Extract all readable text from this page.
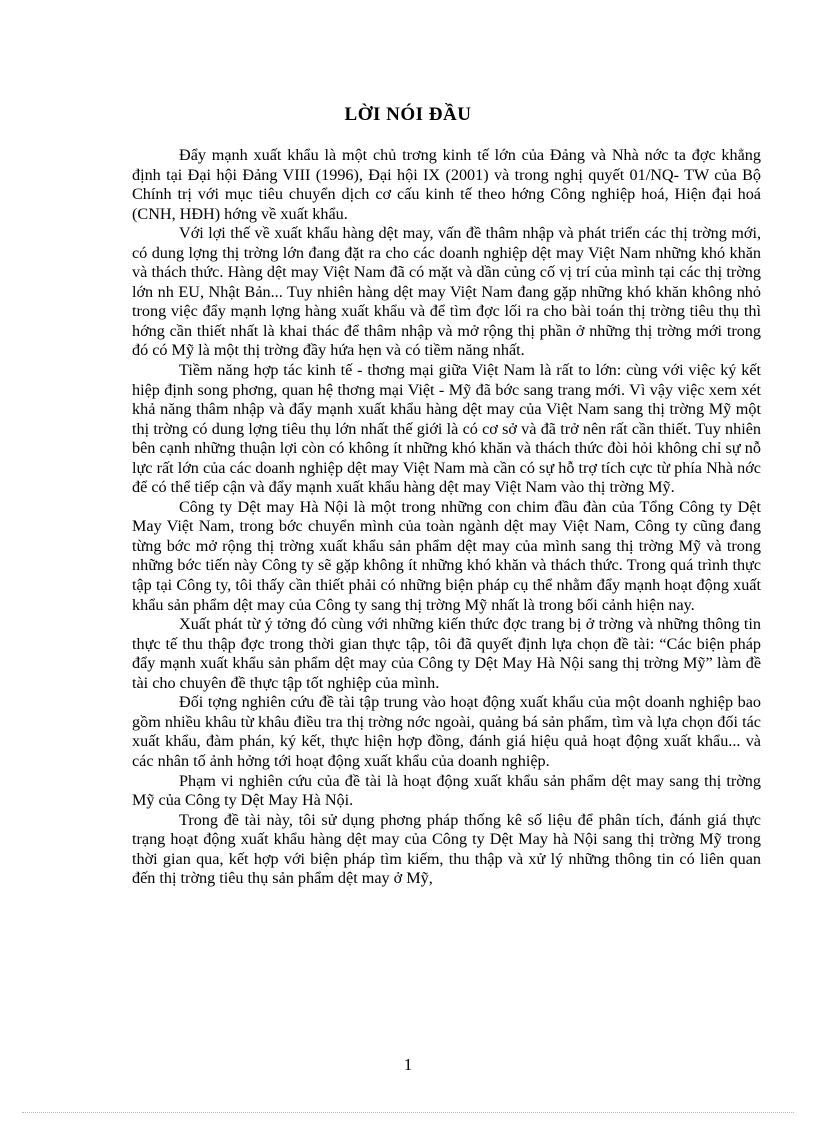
LỜI NÓI ĐẦU

Đẩy mạnh xuất khẩu là một chủ trơng kinh tế lớn của Đảng và Nhà nớc ta đợc khẳng định tại Đại hội Đảng VIII (1996), Đại hội IX (2001) và trong nghị quyết 01/NQ- TW của Bộ Chính trị với mục tiêu chuyển dịch cơ cấu kinh tế theo hớng Công nghiệp hoá, Hiện đại hoá (CNH, HĐH) hớng về xuất khẩu.

Với lợi thế về xuất khẩu hàng dệt may, vấn đề thâm nhập và phát triển các thị trờng mới, có dung lợng thị trờng lớn đang đặt ra cho các doanh nghiệp dệt may Việt Nam những khó khăn và thách thức. Hàng dệt may Việt Nam đã có mặt và dần củng cố vị trí của mình tại các thị trờng lớn nh EU, Nhật Bản... Tuy nhiên hàng dệt may Việt Nam đang gặp những khó khăn không nhỏ trong việc đẩy mạnh lợng hàng xuất khẩu và để tìm đợc lối ra cho bài toán thị trờng tiêu thụ thì hớng cần thiết nhất là khai thác để thâm nhập và mở rộng thị phần ở những thị trờng mới trong đó có Mỹ là một thị trờng đầy hứa hẹn và có tiềm năng nhất.

Tiềm năng hợp tác kinh tế - thơng mại giữa Việt Nam là rất to lớn: cùng với việc ký kết hiệp định song phơng, quan hệ thơng mại Việt - Mỹ đã bớc sang trang mới. Vì vậy việc xem xét khả năng thâm nhập và đẩy mạnh xuất khẩu hàng dệt may của Việt Nam sang thị trờng Mỹ một thị trờng có dung lợng tiêu thụ lớn nhất thế giới là có cơ sở và đã trở nên rất cần thiết. Tuy nhiên bên cạnh những thuận lợi còn có không ít những khó khăn và thách thức đòi hỏi không chỉ sự nỗ lực rất lớn của các doanh nghiệp dệt may Việt Nam mà cần có sự hỗ trợ tích cực từ phía Nhà nớc để có thể tiếp cận và đẩy mạnh xuất khẩu hàng dệt may Việt Nam vào thị trờng Mỹ.

Công ty Dệt may Hà Nội là một trong những con chim đầu đàn của Tổng Công ty Dệt May Việt Nam, trong bớc chuyển mình của toàn ngành dệt may Việt Nam, Công ty cũng đang từng bớc mở rộng thị trờng xuất khẩu sản phẩm dệt may của mình sang thị trờng Mỹ và trong những bớc tiến này Công ty sẽ gặp không ít những khó khăn và thách thức. Trong quá trình thực tập tại Công ty, tôi thấy cần thiết phải có những biện pháp cụ thể nhằm đẩy mạnh hoạt động xuất khẩu sản phẩm dệt may của Công ty sang thị trờng Mỹ nhất là trong bối cảnh hiện nay.

Xuất phát từ ý tởng đó cùng với những kiến thức đợc trang bị ở trờng và những thông tin thực tế thu thập đợc trong thời gian thực tập, tôi đã quyết định lựa chọn đề tài: “Các biện pháp đẩy mạnh xuất khẩu sản phẩm dệt may của Công ty Dệt May Hà Nội sang thị trờng Mỹ” làm đề tài cho chuyên đề thực tập tốt nghiệp của mình.

Đối tợng nghiên cứu đề tài tập trung vào hoạt động xuất khẩu của một doanh nghiệp bao gồm nhiều khâu từ khâu điều tra thị trờng nớc ngoài, quảng bá sản phẩm, tìm và lựa chọn đối tác xuất khẩu, đàm phán, ký kết, thực hiện hợp đồng, đánh giá hiệu quả hoạt động xuất khẩu... và các nhân tố ảnh hởng tới hoạt động xuất khẩu của doanh nghiệp.

Phạm vi nghiên cứu của đề tài là hoạt động xuất khẩu sản phẩm dệt may sang thị trờng Mỹ của Công ty Dệt May Hà Nội.

Trong đề tài này, tôi sử dụng phơng pháp thống kê số liệu để phân tích, đánh giá thực trạng hoạt động xuất khẩu hàng dệt may của Công ty Dệt May hà Nội sang thị trờng Mỹ trong thời gian qua, kết hợp với biện pháp tìm kiếm, thu thập và xử lý những thông tin có liên quan đến thị trờng tiêu thụ sản phẩm dệt may ở Mỹ,

1
